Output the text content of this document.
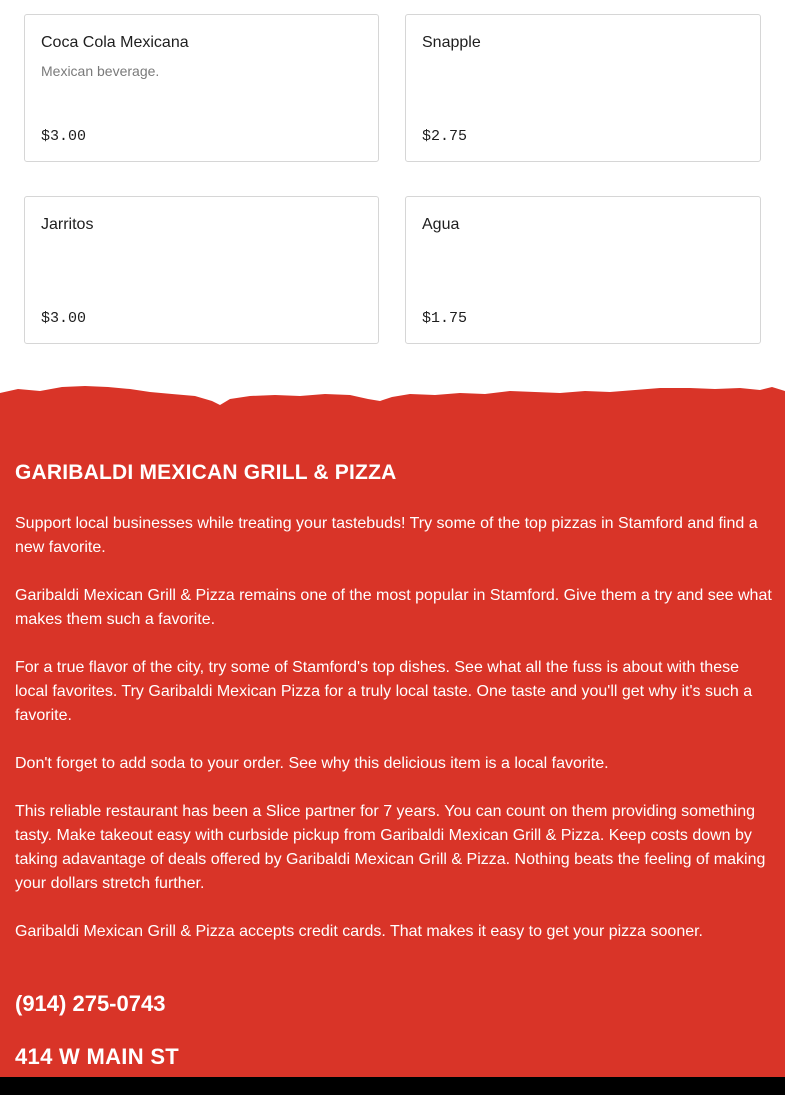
Coca Cola Mexicana
Mexican beverage.
$3.00
Snapple
$2.75
Jarritos
$3.00
Agua
$1.75
GARIBALDI MEXICAN GRILL & PIZZA

Support local businesses while treating your tastebuds! Try some of the top pizzas in Stamford and find a new favorite.

Garibaldi Mexican Grill & Pizza remains one of the most popular in Stamford. Give them a try and see what makes them such a favorite.

For a true flavor of the city, try some of Stamford's top dishes. See what all the fuss is about with these local favorites. Try Garibaldi Mexican Pizza for a truly local taste. One taste and you'll get why it's such a favorite.

Don't forget to add soda to your order. See why this delicious item is a local favorite.

This reliable restaurant has been a Slice partner for 7 years. You can count on them providing something tasty. Make takeout easy with curbside pickup from Garibaldi Mexican Grill & Pizza. Keep costs down by taking adavantage of deals offered by Garibaldi Mexican Grill & Pizza. Nothing beats the feeling of making your dollars stretch further.

Garibaldi Mexican Grill & Pizza accepts credit cards. That makes it easy to get your pizza sooner.

(914) 275-0743
414 W MAIN ST
